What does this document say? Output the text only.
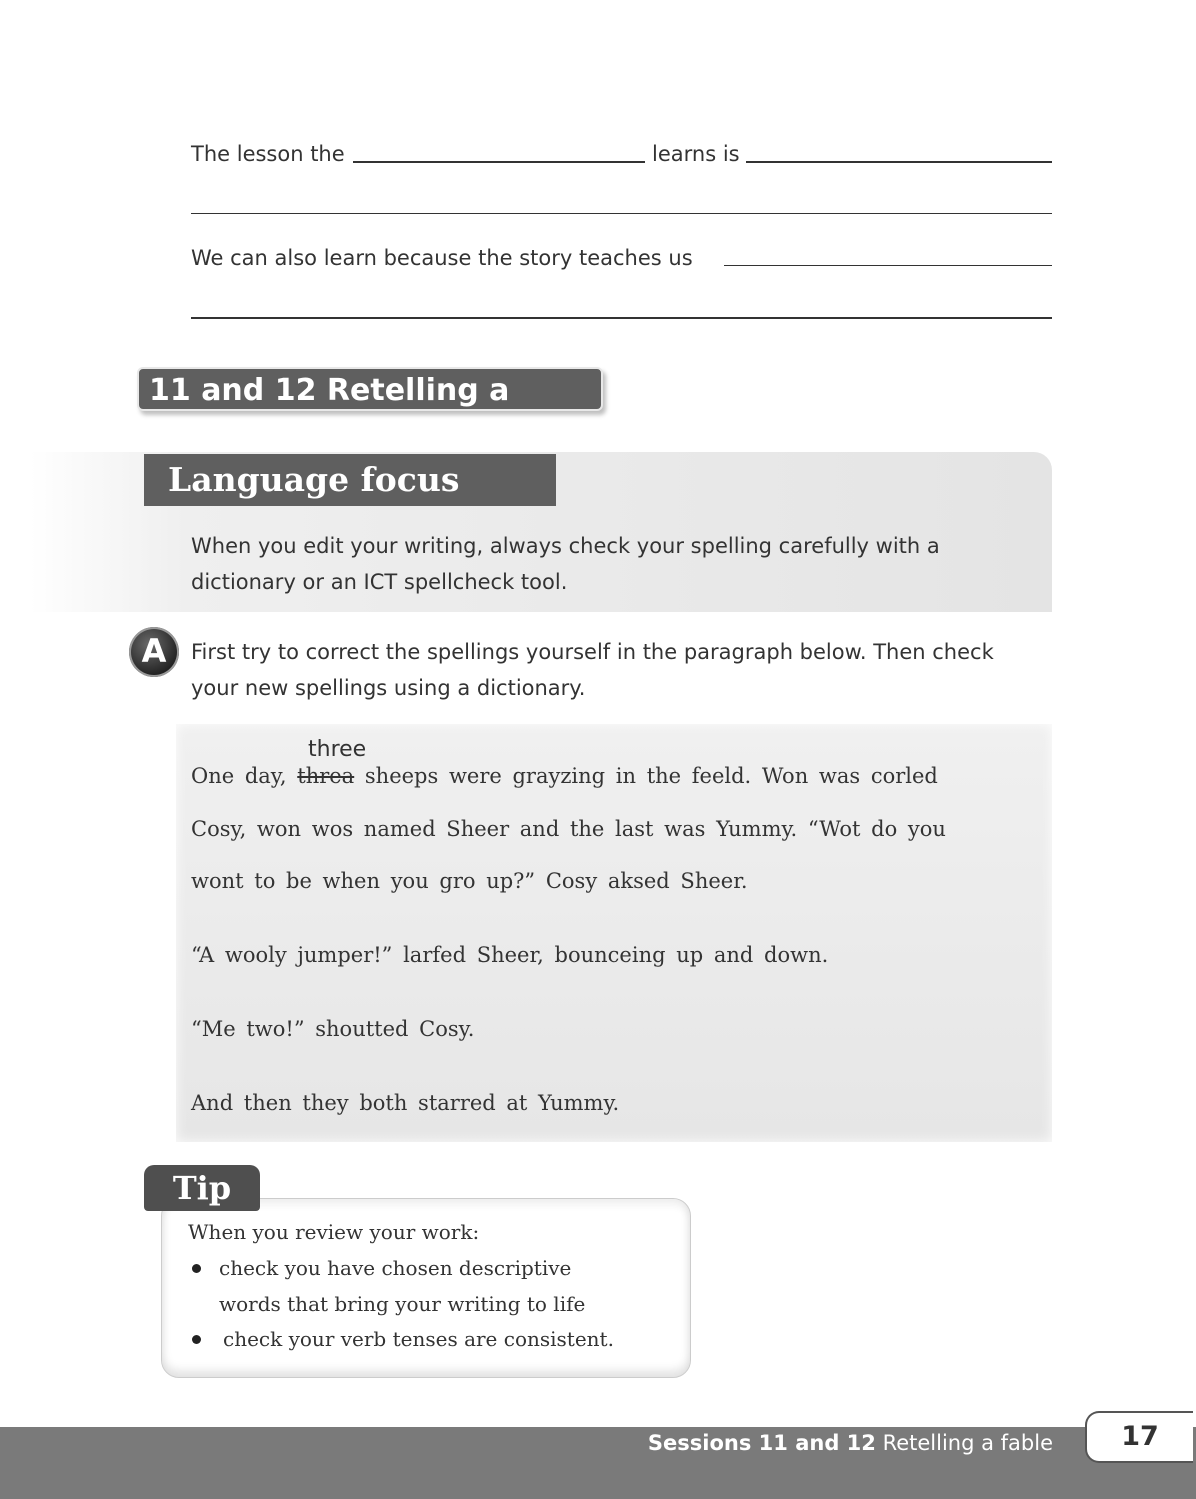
The lesson the	learns is
We can also learn because the story teaches us
11 and 12 Retelling a fable
Language focus
When you edit your writing, always check your spelling carefully with a
dictionary or an ICT spellcheck tool.
A	First try to correct the spellings yourself in the paragraph below. Then check
your new spellings using a dictionary.
three
One day, threa sheeps were grayzing in the feeld. Won was corled
Cosy, won wos named Sheer and the last was Yummy. “Wot do you
wont to be when you gro up?” Cosy aksed Sheer.
“A wooly jumper!” larfed Sheer, bounceing up and down.
“Me two!” shoutted Cosy.
And then they both starred at Yummy.
Tip
When you review your work:
check you have chosen descriptive
words that bring your writing to life
check your verb tenses are consistent.
Sessions 11 and 12 Retelling a fable	17
